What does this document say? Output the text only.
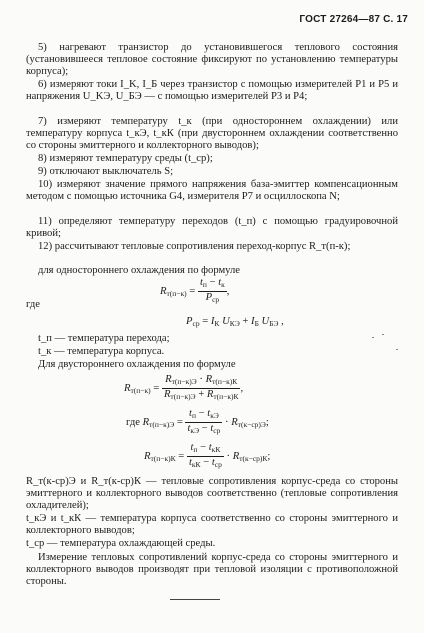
ГОСТ 27264—87 С. 17
5) нагревают транзистор до установившегося теплового состояния (установившееся тепловое состояние фиксируют по установлению температуры корпуса);
6) измеряют токи I_K, I_Б через транзистор с помощью измерителей P1 и P5 и напряжения U_KЭ, U_БЭ — с помощью измерителей P3 и P4;
7) измеряют температуру t_к (при одностороннем охлаждении) или температуру корпуса t_кЭ, t_кК (при двустороннем охлаждении соответственно со стороны эмиттерного и коллекторного выводов);
8) измеряют температуру среды (t_ср);
9) отключают выключатель S;
10) измеряют значение прямого напряжения база-эмиттер компенсационным методом с помощью источника G4, измерителя P7 и осциллоскопа N;
11) определяют температуру переходов (t_п) с помощью градуировочной кривой;
12) рассчитывают тепловые сопротивления переход-корпус R_т(п-к);
для одностороннего охлаждения по формуле
$R_{т(п-к)} = \frac{t_п - t_к}{P_{ср}}$ ,
где
$P_{ср} = I_К$ $U_{КЭ} + I_Б$ $U_{БЭ}$ ,
t_п — температура перехода;
t_к — температура корпуса.
Для двустороннего охлаждения по формуле
$R_{т(п-к)} = \frac{R_{т(п-к)Э} \cdot R_{т(п-к)К}}{R_{т(п-к)Э} + R_{т(п-к)К}}$ ,
где $R_{т(п-к)Э} = \frac{t_п - t_{кЭ}}{t_{кЭ} - t_{ср}} \cdot R_{т(к-ср)Э}$;
$R_{т(п-к)К} = \frac{t_п - t_{кК}}{t_{кК} - t_{ср}} \cdot R_{т(к-ср)К}$;
R_т(к-ср)Э и R_т(к-ср)К — тепловые сопротивления корпус-среда со стороны эмиттерного и коллекторного выводов соответственно (тепловые сопротивления охладителей);
t_кЭ и t_кК — температура корпуса соответственно со стороны эмиттерного и коллекторного выводов;
t_ср — температура охлаждающей среды.
Измерение тепловых сопротивлений корпус-среда со стороны эмиттерного и коллекторного выводов производят при тепловой изоляции с противоположной стороны.
